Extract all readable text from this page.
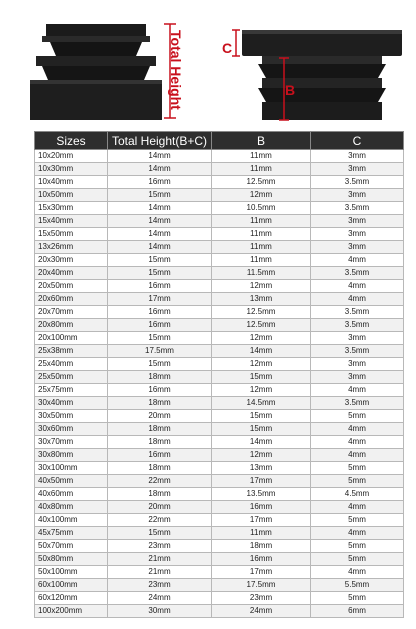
Total Height	C
B
Sizes	Total Height(B+C)	B	C
10x20mm	14mm	11mm	3mm
10x30mm	14mm	11mm	3mm
10x40mm	16mm	12.5mm	3.5mm
10x50mm	15mm	12mm	3mm
15x30mm	14mm	10.5mm	3.5mm
15x40mm	14mm	11mm	3mm
15x50mm	14mm	11mm	3mm
13x26mm	14mm	11mm	3mm
20x30mm	15mm	11mm	4mm
20x40mm	15mm	11.5mm	3.5mm
20x50mm	16mm	12mm	4mm
20x60mm	17mm	13mm	4mm
20x70mm	16mm	12.5mm	3.5mm
20x80mm	16mm	12.5mm	3.5mm
20x100mm	15mm	12mm	3mm
25x38mm	17.5mm	14mm	3.5mm
25x40mm	15mm	12mm	3mm
25x50mm	18mm	15mm	3mm
25x75mm	16mm	12mm	4mm
30x40mm	18mm	14.5mm	3.5mm
30x50mm	20mm	15mm	5mm
30x60mm	18mm	15mm	4mm
30x70mm	18mm	14mm	4mm
30x80mm	16mm	12mm	4mm
30x100mm	18mm	13mm	5mm
40x50mm	22mm	17mm	5mm
40x60mm	18mm	13.5mm	4.5mm
40x80mm	20mm	16mm	4mm
40x100mm	22mm	17mm	5mm
45x75mm	15mm	11mm	4mm
50x70mm	23mm	18mm	5mm
50x80mm	21mm	16mm	5mm
50x100mm	21mm	17mm	4mm
60x100mm	23mm	17.5mm	5.5mm
60x120mm	24mm	23mm	5mm
100x200mm	30mm	24mm	6mm
